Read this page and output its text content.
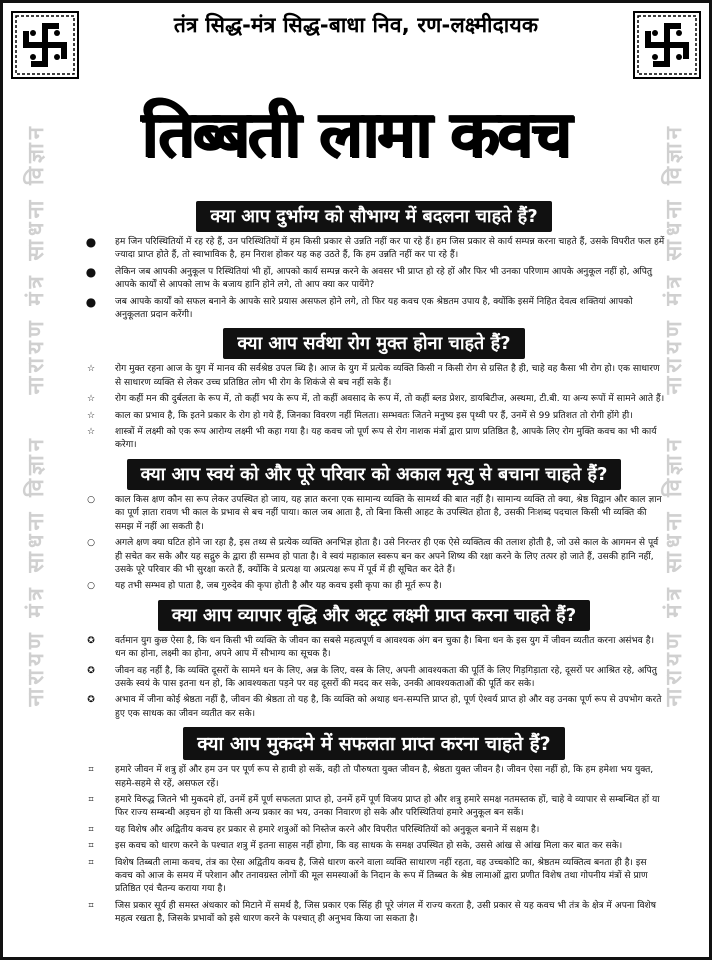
तंत्र सिद्ध-मंत्र सिद्ध-बाधा निव, रण-लक्ष्मीदायक
तिब्बती लामा कवच
नारायण मंत्र साधना विज्ञान
नारायण मंत्र साधना विज्ञान
नारायण मंत्र साधना विज्ञान
नारायण मंत्र साधना विज्ञान
क्या आप दुर्भाग्य को सौभाग्य में बदलना चाहते हैं?
●	हम जिन परिस्थितियों में रह रहे हैं, उन परिस्थितियों में हम किसी प्रकार से उन्नति नहीं कर पा रहे हैं। हम जिस प्रकार से कार्य सम्पन्न करना चाहते हैं, उसके विपरीत फल हमें ज्यादा प्राप्त होते हैं, तो स्वाभाविक है, हम निराश होकर यह कह उठते हैं, कि हम उन्नति नहीं कर पा रहे हैं।
●	लेकिन जब आपकी अनुकूल प रिस्थितियां भी हों, आपको कार्य सम्पन्न करने के अवसर भी प्राप्त हो रहे हों और फिर भी उनका परिणाम आपके अनुकूल नहीं हो, अपितु आपके कार्यों से आपको लाभ के बजाय हानि होने लगे, तो आप क्या कर पायेंगे?
●	जब आपके कार्यों को सफल बनाने के आपके सारे प्रयास असफल होने लगे, तो फिर यह कवच एक श्रेष्ठतम उपाय है, क्योंकि इसमें निहित देवत्व शक्तियां आपको अनुकूलता प्रदान करेंगी।
क्या आप सर्वथा रोग मुक्त होना चाहते हैं?
☆	रोग मुक्त रहना आज के युग में मानव की सर्वश्रेष्ठ उपल ब्धि है। आज के युग में प्रत्येक व्यक्ति किसी न किसी रोग से ग्रसित है ही, चाहे वह कैसा भी रोग हो। एक साधारण से साधारण व्यक्ति से लेकर उच्च प्रतिष्ठित लोग भी रोग के शिकंजे से बच नहीं सके हैं।
☆	रोग कहीं मन की दुर्बलता के रूप में, तो कहीं भय के रूप में, तो कहीं अवसाद के रूप में, तो कहीं ब्लड प्रेशर, डायबिटीज, अस्थमा, टी.बी. या अन्य रूपों में सामने आते हैं।
☆	काल का प्रभाव है, कि इतने प्रकार के रोग हो गये हैं, जिनका विवरण नहीं मिलता। सम्भवतः जितने मनुष्य इस पृथ्वी पर हैं, उनमें से 99 प्रतिशत तो रोगी होंगे ही।
☆	शास्त्रों में लक्ष्मी को एक रूप आरोग्य लक्ष्मी भी कहा गया है। यह कवच जो पूर्ण रूप से रोग नाशक मंत्रों द्वारा प्राण प्रतिष्ठित है, आपके लिए रोग मुक्ति कवच का भी कार्य करेगा।
क्या आप स्वयं को और पूरे परिवार को अकाल मृत्यु से बचाना चाहते हैं?
○	काल किस क्षण कौन सा रूप लेकर उपस्थित हो जाय, यह ज्ञात करना एक सामान्य व्यक्ति के सामर्थ्य की बात नहीं है। सामान्य व्यक्ति तो क्या, श्रेष्ठ विद्वान और काल ज्ञान का पूर्ण ज्ञाता रावण भी काल के प्रभाव से बच नहीं पाया। काल जब आता है, तो बिना किसी आहट के उपस्थित होता है, उसकी निःशब्द पदचाल किसी भी व्यक्ति की समझ में नहीं आ सकती है।
○	अगले क्षण क्या घटित होने जा रहा है, इस तथ्य से प्रत्येक व्यक्ति अनभिज्ञ होता है। उसे निरन्तर ही एक ऐसे व्यक्तित्व की तलाश होती है, जो उसे काल के आगमन से पूर्व ही सचेत कर सके और यह सद्गुरु के द्वारा ही सम्भव हो पाता है। वे स्वयं महाकाल स्वरूप बन कर अपने शिष्य की रक्षा करने के लिए तत्पर हो जाते हैं, उसकी हानि नहीं, उसके पूरे परिवार की भी सुरक्षा करते हैं, क्योंकि वे प्रत्यक्ष या अप्रत्यक्ष रूप में पूर्व में ही सूचित कर देते हैं।
○	यह तभी सम्भव हो पाता है, जब गुरुदेव की कृपा होती है और यह कवच इसी कृपा का ही मूर्त रूप है।
क्या आप व्यापार वृद्धि और अटूट लक्ष्मी प्राप्त करना चाहते हैं?
✪	वर्तमान युग कुछ ऐसा है, कि धन किसी भी व्यक्ति के जीवन का सबसे महत्वपूर्ण व आवश्यक अंग बन चुका है। बिना धन के इस युग में जीवन व्यतीत करना असंभव है। धन का होना, लक्ष्मी का होना, अपने आप में सौभाग्य का सूचक है।
✪	जीवन वह नहीं है, कि व्यक्ति दूसरों के सामने धन के लिए, अन्न के लिए, वस्त्र के लिए, अपनी आवश्यकता की पूर्ति के लिए गिड़गिड़ाता रहे, दूसरों पर आश्रित रहे, अपितु उसके स्वयं के पास इतना धन हो, कि आवश्यकता पड़ने पर वह दूसरों की मदद कर सके, उनकी आवश्यकताओं की पूर्ति कर सके।
✪	अभाव में जीना कोई श्रेष्ठता नहीं है, जीवन की श्रेष्ठता तो यह है, कि व्यक्ति को अथाह धन-सम्पत्ति प्राप्त हो, पूर्ण ऐश्वर्य प्राप्त हो और वह उनका पूर्ण रूप से उपभोग करते हुए एक साधक का जीवन व्यतीत कर सके।
क्या आप मुकदमे में सफलता प्राप्त करना चाहते हैं?
⌗	हमारे जीवन में शत्रु हों और हम उन पर पूर्ण रूप से हावी हो सकें, वही तो पौरुषता युक्त जीवन है, श्रेष्ठता युक्त जीवन है। जीवन ऐसा नहीं हो, कि हम हमेशा भय युक्त, सहमे-सहमे से रहें, असफल रहें।
⌗	हमारे विरुद्ध जितने भी मुकदमे हों, उनमें हमें पूर्ण सफलता प्राप्त हो, उनमें हमें पूर्ण विजय प्राप्त हो और शत्रु हमारे समक्ष नतमस्तक हों, चाहे वे व्यापार से सम्बन्धित हों या फिर राज्य सम्बन्धी अड़चन हो या किसी अन्य प्रकार का भय, उनका निवारण हो सके और परिस्थितियां हमारे अनुकूल बन सकें।
⌗	यह विशेष और अद्वितीय कवच हर प्रकार से हमारे शत्रुओं को निस्तेज करने और विपरीत परिस्थितियों को अनुकूल बनाने में सक्षम है।
⌗	इस कवच को धारण करने के पश्चात शत्रु में इतना साहस नहीं होगा, कि वह साधक के समक्ष उपस्थित हो सके, उससे आंख से आंख मिला कर बात कर सके।
⌗	विशेष तिब्बती लामा कवच, तंत्र का ऐसा अद्वितीय कवच है, जिसे धारण करने वाला व्यक्ति साधारण नहीं रहता, वह उच्चकोटि का, श्रेष्ठतम व्यक्तित्व बनता ही है। इस कवच को आज के समय में परेशान और तनावग्रस्त लोगों की मूल समस्याओं के निदान के रूप में तिब्बत के श्रेष्ठ लामाओं द्वारा प्रणीत विशेष तथा गोपनीय मंत्रों से प्राण प्रतिष्ठित एवं चैतन्य कराया गया है।
⌗	जिस प्रकार सूर्य ही समस्त अंधकार को मिटाने में समर्थ है, जिस प्रकार एक सिंह ही पूरे जंगल में राज्य करता है, उसी प्रकार से यह कवच भी तंत्र के क्षेत्र में अपना विशेष महत्व रखता है, जिसके प्रभावों को इसे धारण करने के पश्चात् ही अनुभव किया जा सकता है।
